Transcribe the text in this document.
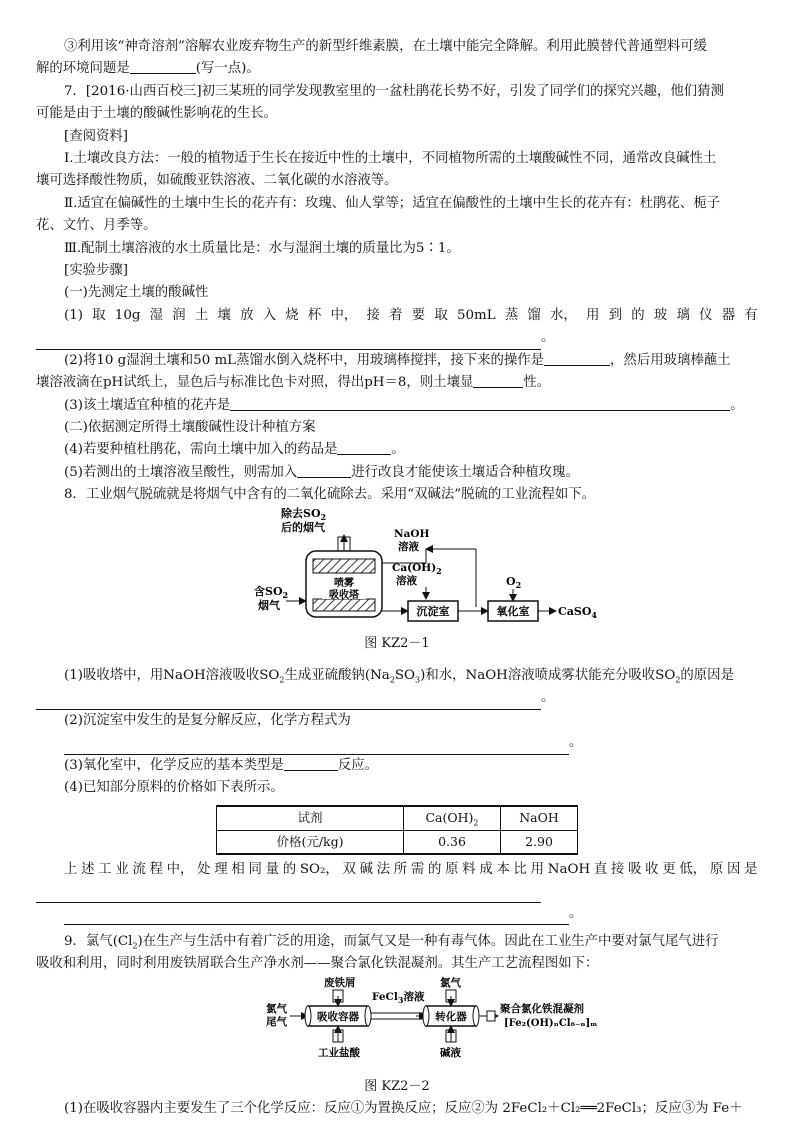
③利用该“神奇溶剂”溶解农业废弃物生产的新型纤维素膜，在土壤中能完全降解。利用此膜替代普通塑料可缓

解的环境问题是	(写一点)。

7．[2016·山西百校三]初三某班的同学发现教室里的一盆杜鹃花长势不好，引发了同学们的探究兴趣，他们猜测

可能是由于土壤的酸碱性影响花的生长。

[查阅资料]

Ⅰ.土壤改良方法：一般的植物适于生长在接近中性的土壤中，不同植物所需的土壤酸碱性不同，通常改良碱性土

壤可选择酸性物质，如硫酸亚铁溶液、二氧化碳的水溶液等。

Ⅱ.适宜在偏碱性的土壤中生长的花卉有：玫瑰、仙人掌等；适宜在偏酸性的土壤中生长的花卉有：杜鹃花、栀子

花、文竹、月季等。

Ⅲ.配制土壤溶液的水土质量比是：水与湿润土壤的质量比为5∶1。

[实验步骤]

(一)先测定土壤的酸碱性

(1) 取 10g 湿 润 土 壤 放 入 烧 杯 中， 接 着 要 取 50mL 蒸 馏 水， 用 到 的 玻 璃 仪 器 有
。

(2)将10 g湿润土壤和50 mL蒸馏水倒入烧杯中，用玻璃棒搅拌，接下来的操作是	，然后用玻璃棒蘸土

壤溶液滴在pH试纸上，显色后与标准比色卡对照，得出pH＝8，则土壤显	性。

(3)该土壤适宜种植的花卉是	。

(二)依据测定所得土壤酸碱性设计种植方案

(4)若要种植杜鹃花，需向土壤中加入的药品是	。

(5)若测出的土壤溶液呈酸性，则需加入	进行改良才能使该土壤适合种植玫瑰。

8．工业烟气脱硫就是将烟气中含有的二氧化硫除去。采用“双碱法”脱硫的工业流程如下。

除去$SO_2$
后的烟气
喷雾
吸收塔
NaOH
溶液
$Ca(OH)_2$
溶液
含$SO_2$
烟气	沉淀室	氧化室
$O_2$
CaSO$_4$

图 KZ2－1

(1)吸收塔中，用NaOH溶液吸收$SO_2$生成亚硫酸钠$(Na_2SO_3)$和水，NaOH溶液喷成雾状能充分吸收$SO_2$的原因是

。

(2)沉淀室中发生的是复分解反应，化学方程式为

。

(3)氧化室中，化学反应的基本类型是	反应。

(4)已知部分原料的价格如下表所示。

试剂	$Ca(OH)_2$	NaOH
价格(元/kg)	0.36	2.90
上 述 工 业 流 程 中， 处 理 相 同 量 的 SO₂， 双 碱 法 所 需 的 原 料 成 本 比 用 NaOH 直 接 吸 收 更 低， 原 因 是
。

9．氯气$(Cl_2)$在生产与生活中有着广泛的用途，而氯气又是一种有毒气体。因此在工业生产中要对氯气尾气进行

吸收和利用，同时利用废铁屑联合生产净水剂——聚合氯化铁混凝剂。其生产工艺流程图如下：

氯气
尾气	吸收容器
废铁屑
工业盐酸
FeCl$_3$溶液
转化器
氯气
碱液
聚合氯化铁混凝剂
[Fe₂(OH)ₙCl₆₋ₙ]ₘ

图 KZ2－2

(1)在吸收容器内主要发生了三个化学反应：反应①为置换反应；反应②为 2FeCl₂＋Cl₂══2FeCl₃；反应③为 Fe＋
